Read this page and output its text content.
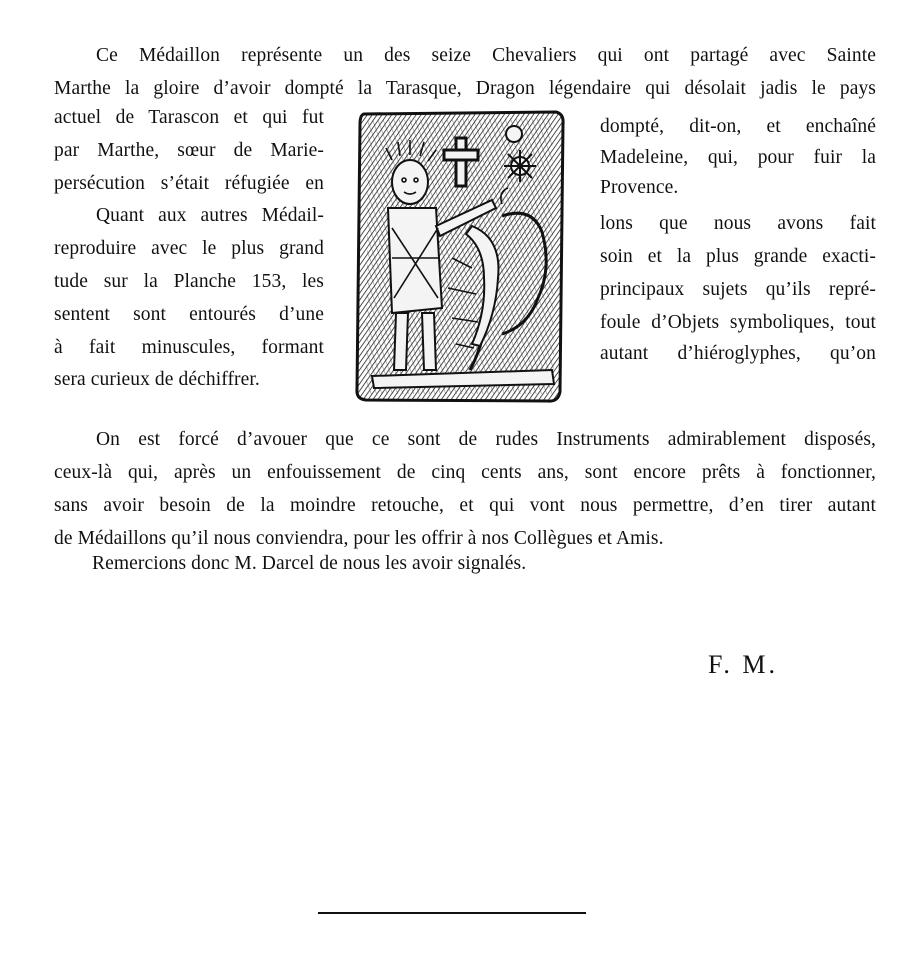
Ce Médaillon représente un des seize Chevaliers qui ont partagé avec Sainte
Marthe la gloire d’avoir dompté la Tarasque, Dragon légendaire qui désolait jadis le pays
actuel de Tarascon et qui fut
par Marthe, sœur de Marie-
persécution s’était réfugiée en
Quant aux autres Médail-
reproduire avec le plus grand
tude sur la Planche 153, les
sentent sont entourés d’une
à fait minuscules, formant
sera curieux de déchiffrer.
dompté, dit-on, et enchaîné
Madeleine, qui, pour fuir la
Provence.
lons que nous avons fait
soin et la plus grande exacti-
principaux sujets qu’ils repré-
foule d’Objets symboliques, tout
autant d’hiéroglyphes, qu’on
On est forcé d’avouer que ce sont de rudes Instruments admirablement disposés,
ceux-là qui, après un enfouissement de cinq cents ans, sont encore prêts à fonctionner,
sans avoir besoin de la moindre retouche, et qui vont nous permettre, d’en tirer autant
de Médaillons qu’il nous conviendra, pour les offrir à nos Collègues et Amis.
Remercions donc M. Darcel de nous les avoir signalés.
F. M.
